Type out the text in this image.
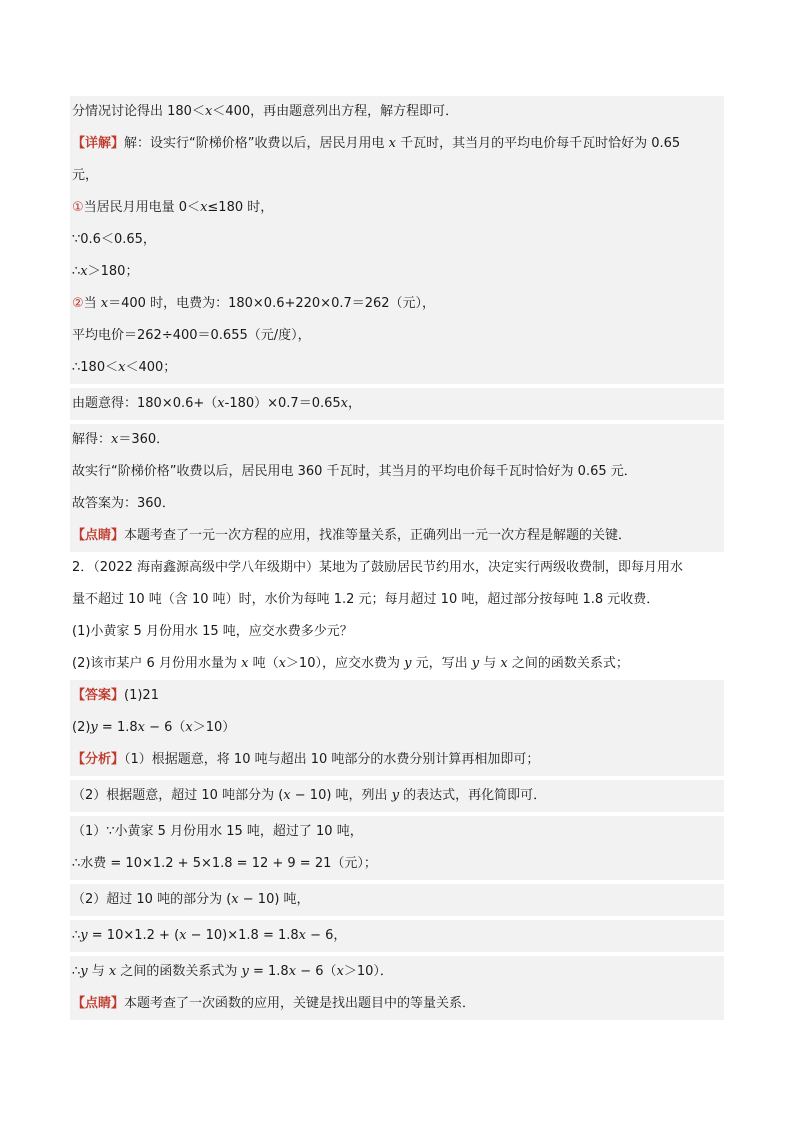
分情况讨论得出 180＜x＜400，再由题意列出方程，解方程即可．
【详解】解：设实行“阶梯价格”收费以后，居民月用电 x 千瓦时，其当月的平均电价每千瓦时恰好为 0.65
元，
①当居民月用电量 0＜x≤180 时，
∵0.6＜0.65，
∴x＞180；
②当 x＝400 时，电费为：180×0.6+220×0.7＝262（元），
平均电价＝262÷400＝0.655（元/度），
∴180＜x＜400；
由题意得：180×0.6+（x-180）×0.7＝0.65x，
解得：x＝360．
故实行“阶梯价格”收费以后，居民用电 360 千瓦时，其当月的平均电价每千瓦时恰好为 0.65 元．
故答案为：360．
【点睛】本题考查了一元一次方程的应用，找准等量关系，正确列出一元一次方程是解题的关键．
2．（2022 海南鑫源高级中学八年级期中）某地为了鼓励居民节约用水，决定实行两级收费制，即每月用水
量不超过 10 吨（含 10 吨）时，水价为每吨 1.2 元；每月超过 10 吨，超过部分按每吨 1.8 元收费．
(1)小黄家 5 月份用水 15 吨，应交水费多少元？
(2)该市某户 6 月份用水量为 x 吨（x＞10），应交水费为 y 元，写出 y 与 x 之间的函数关系式；
【答案】(1)21
(2)y = 1.8x − 6（x＞10）
【分析】（1）根据题意，将 10 吨与超出 10 吨部分的水费分别计算再相加即可；
（2）根据题意，超过 10 吨部分为 (x − 10) 吨，列出 y 的表达式，再化简即可．
（1）∵小黄家 5 月份用水 15 吨，超过了 10 吨，
∴水费 = 10×1.2 + 5×1.8 = 12 + 9 = 21（元）；
（2）超过 10 吨的部分为 (x − 10) 吨，
∴y = 10×1.2 + (x − 10)×1.8 = 1.8x − 6，
∴y 与 x 之间的函数关系式为 y = 1.8x − 6（x＞10）．
【点睛】本题考查了一次函数的应用，关键是找出题目中的等量关系．
